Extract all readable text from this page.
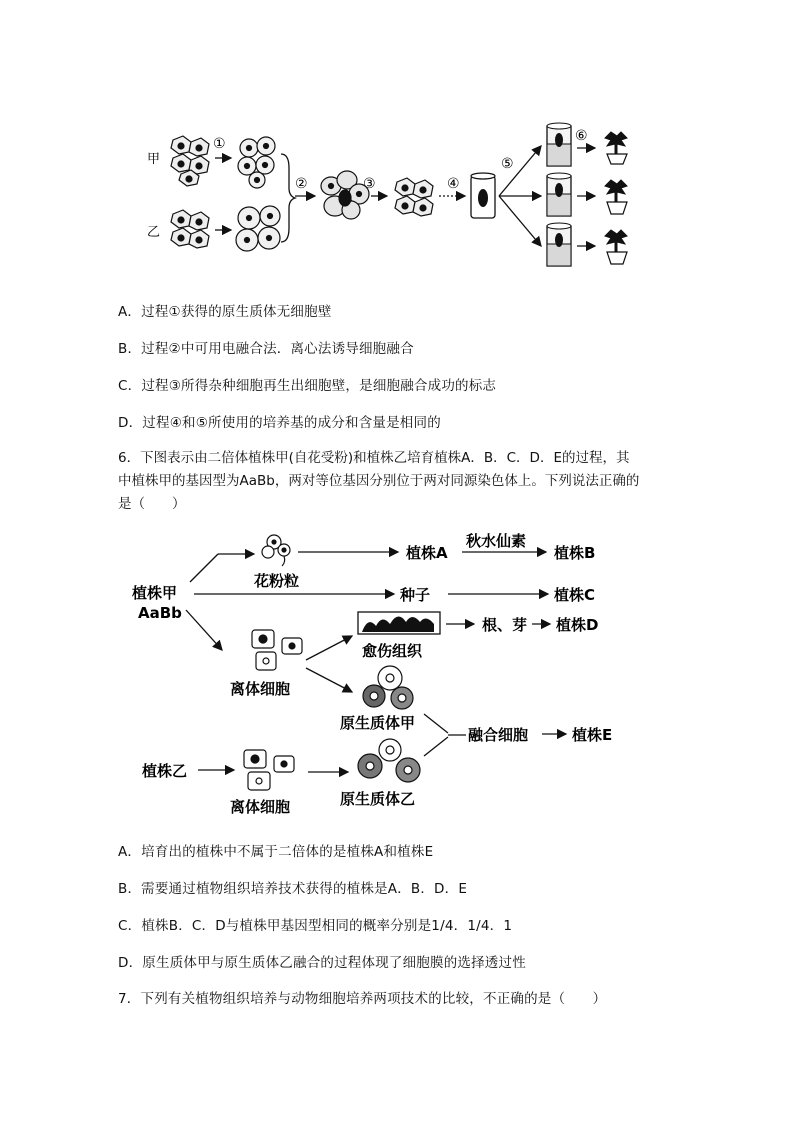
甲
乙
①
②	③	④
⑤
⑥
A．过程①获得的原生质体无细胞壁
B．过程②中可用电融合法．离心法诱导细胞融合
C．过程③所得杂种细胞再生出细胞壁，是细胞融合成功的标志
D．过程④和⑤所使用的培养基的成分和含量是相同的
6．下图表示由二倍体植株甲(自花受粉)和植株乙培育植株A．B．C．D．E的过程，其
中植株甲的基因型为AaBb，两对等位基因分别位于两对同源染色体上。下列说法正确的
是（　　）
植株甲
AaBb
花粉粒
植株A
秋水仙素
植株B
种子	植株C
离体细胞
愈伤组织
根、芽 植株D
原生质体甲
融合细胞	植株E
植株乙
离体细胞	原生质体乙
A．培育出的植株中不属于二倍体的是植株A和植株E
B．需要通过植物组织培养技术获得的植株是A．B．D．E
C．植株B．C．D与植株甲基因型相同的概率分别是1/4．1/4．1
D．原生质体甲与原生质体乙融合的过程体现了细胞膜的选择透过性
7．下列有关植物组织培养与动物细胞培养两项技术的比较，不正确的是（　　）
